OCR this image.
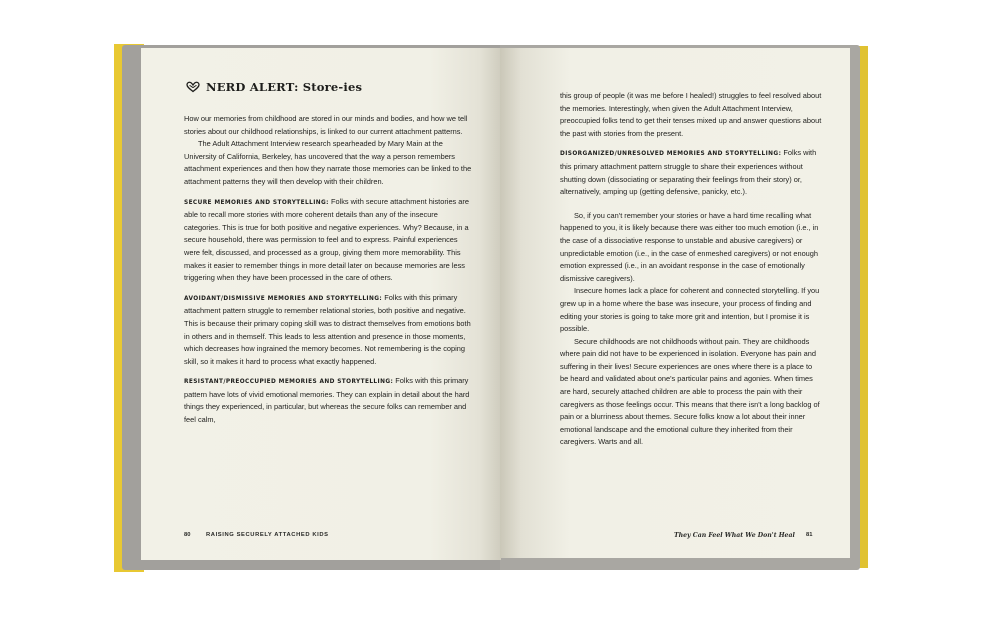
NERD ALERT: Store-ies

How our memories from childhood are stored in our minds and bodies, and how we tell stories about our childhood relationships, is linked to our current attachment patterns.

The Adult Attachment Interview research spearheaded by Mary Main at the University of California, Berkeley, has uncovered that the way a person remembers attachment experiences and then how they narrate those memories can be linked to the attachment patterns they will then develop with their children.

SECURE MEMORIES AND STORYTELLING: Folks with secure attachment histories are able to recall more stories with more coherent details than any of the insecure categories. This is true for both positive and negative experiences. Why? Because, in a secure household, there was permission to feel and to express. Painful experiences were felt, discussed, and processed as a group, giving them more memorability. This makes it easier to remember things in more detail later on because memories are less triggering when they have been processed in the care of others.

AVOIDANT/DISMISSIVE MEMORIES AND STORYTELLING: Folks with this primary attachment pattern struggle to remember relational stories, both positive and negative. This is because their primary coping skill was to distract themselves from emotions both in others and in themself. This leads to less attention and presence in those moments, which decreases how ingrained the memory becomes. Not remembering is the coping skill, so it makes it hard to process what exactly happened.

RESISTANT/PREOCCUPIED MEMORIES AND STORYTELLING: Folks with this primary pattern have lots of vivid emotional memories. They can explain in detail about the hard things they experienced, in particular, but whereas the secure folks can remember and feel calm,

this group of people (it was me before I healed!) struggles to feel resolved about the memories. Interestingly, when given the Adult Attachment Interview, preoccupied folks tend to get their tenses mixed up and answer questions about the past with stories from the present.

DISORGANIZED/UNRESOLVED MEMORIES AND STORYTELLING: Folks with this primary attachment pattern struggle to share their experiences without shutting down (dissociating or separating their feelings from their story) or, alternatively, amping up (getting defensive, panicky, etc.).

So, if you can't remember your stories or have a hard time recalling what happened to you, it is likely because there was either too much emotion (i.e., in the case of a dissociative response to unstable and abusive caregivers) or unpredictable emotion (i.e., in the case of enmeshed caregivers) or not enough emotion expressed (i.e., in an avoidant response in the case of emotionally dismissive caregivers).

Insecure homes lack a place for coherent and connected storytelling. If you grew up in a home where the base was insecure, your process of finding and editing your stories is going to take more grit and intention, but I promise it is possible.

Secure childhoods are not childhoods without pain. They are childhoods where pain did not have to be experienced in isolation. Everyone has pain and suffering in their lives! Secure experiences are ones where there is a place to be heard and validated about one's particular pains and agonies. When times are hard, securely attached children are able to process the pain with their caregivers as those feelings occur. This means that there isn't a long backlog of pain or a blurriness about themes. Secure folks know a lot about their inner emotional landscape and the emotional culture they inherited from their caregivers. Warts and all.

80	RAISING SECURELY ATTACHED KIDS	They Can Feel What We Don't Heal 81
